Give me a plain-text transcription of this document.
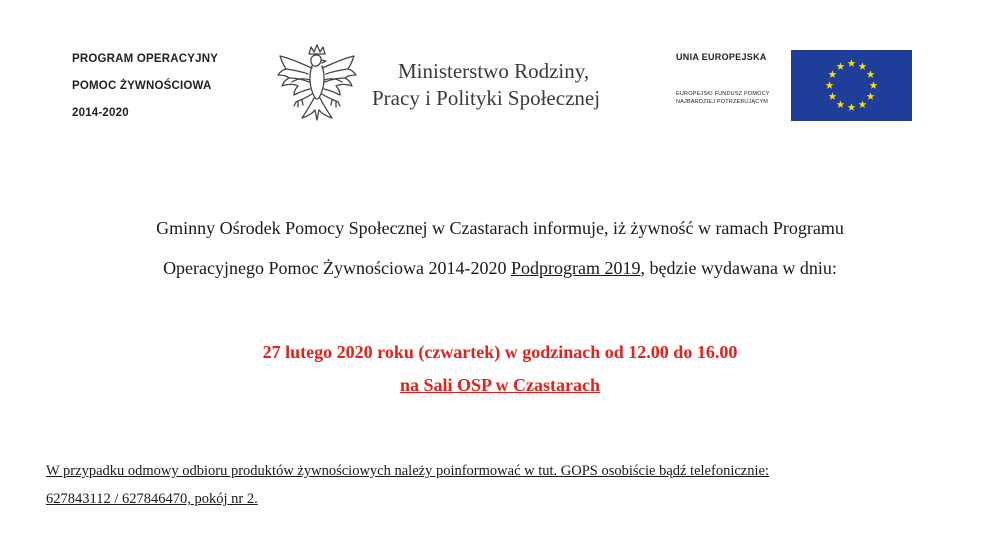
PROGRAM OPERACYJNY
POMOC ŻYWNOŚCIOWA
2014-2020
Ministerstwo Rodziny,
Pracy i Polityki Społecznej
UNIA EUROPEJSKA
EUROPEJSKI FUNDUSZ POMOCY
NAJBARDZIEJ POTRZEBUJĄCYM
Gminny Ośrodek Pomocy Społecznej w Czastarach informuje, iż żywność w ramach Programu
Operacyjnego Pomoc Żywnościowa 2014-2020 Podprogram 2019, będzie wydawana w dniu:
27 lutego 2020 roku (czwartek) w godzinach od 12.00 do 16.00
na Sali OSP w Czastarach
W przypadku odmowy odbioru produktów żywnościowych należy poinformować w tut. GOPS osobiście bądź telefonicznie:
627843112 / 627846470, pokój nr 2.
